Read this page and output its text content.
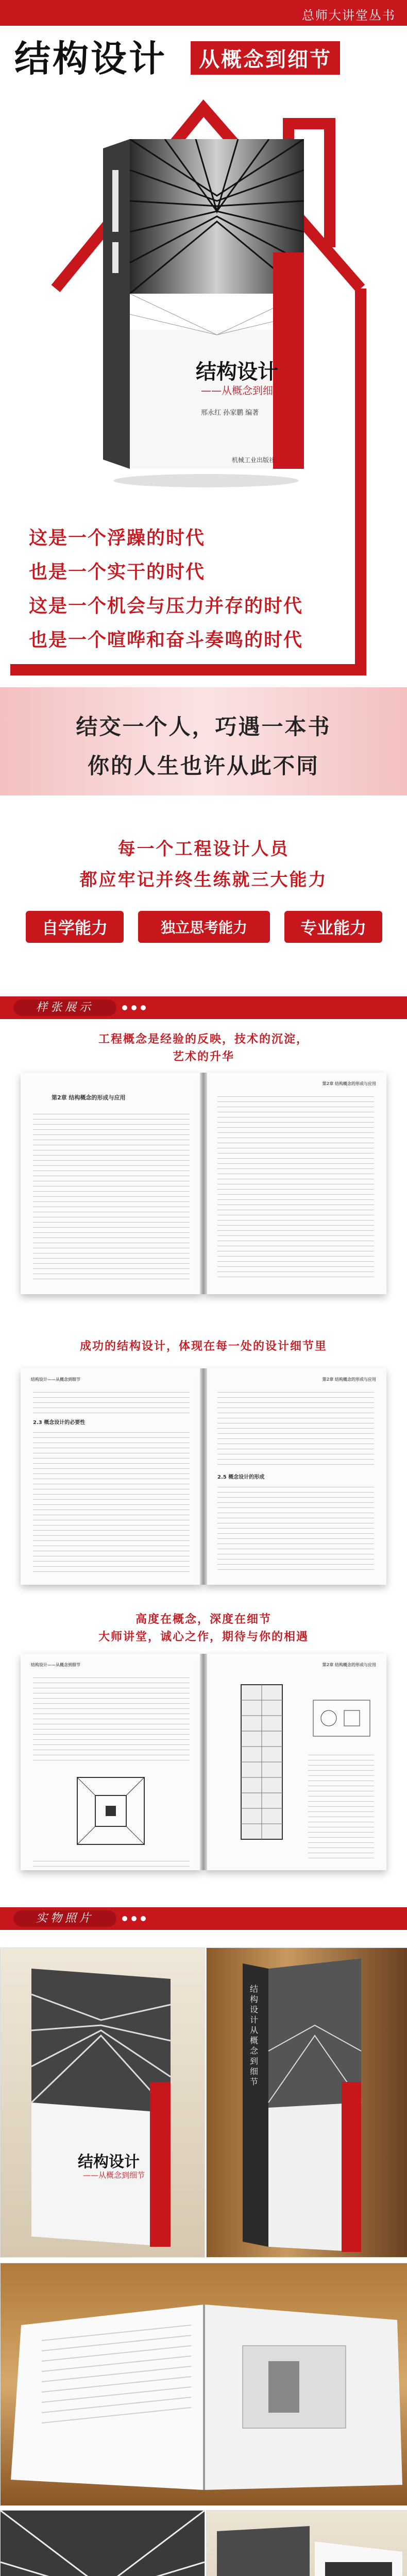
总师大讲堂丛书
结构设计	从概念到细节
结构设计
——从概念到细节
邢永红 孙家鹏 编著
机械工业出版社
这是一个浮躁的时代
也是一个实干的时代
这是一个机会与压力并存的时代
也是一个喧哗和奋斗奏鸣的时代
结交一个人，巧遇一本书
你的人生也许从此不同
每一个工程设计人员
都应牢记并终生练就三大能力
自学能力	独立思考能力	专业能力
样张展示
工程概念是经验的反映，技术的沉淀，
艺术的升华
第2章 结构概念的形成与应用
第2章 结构概念的形成与应用
成功的结构设计，体现在每一处的设计细节里
结构设计——从概念到细节
2.3 概念设计的必要性
第2章 结构概念的形成与应用
2.5 概念设计的形成
高度在概念，深度在细节
大师讲堂，诚心之作，期待与你的相遇
结构设计——从概念到细节	第2章 结构概念的形成与应用
实物照片
结构设计
——从概念到细节
结构设计 从概念到细节
